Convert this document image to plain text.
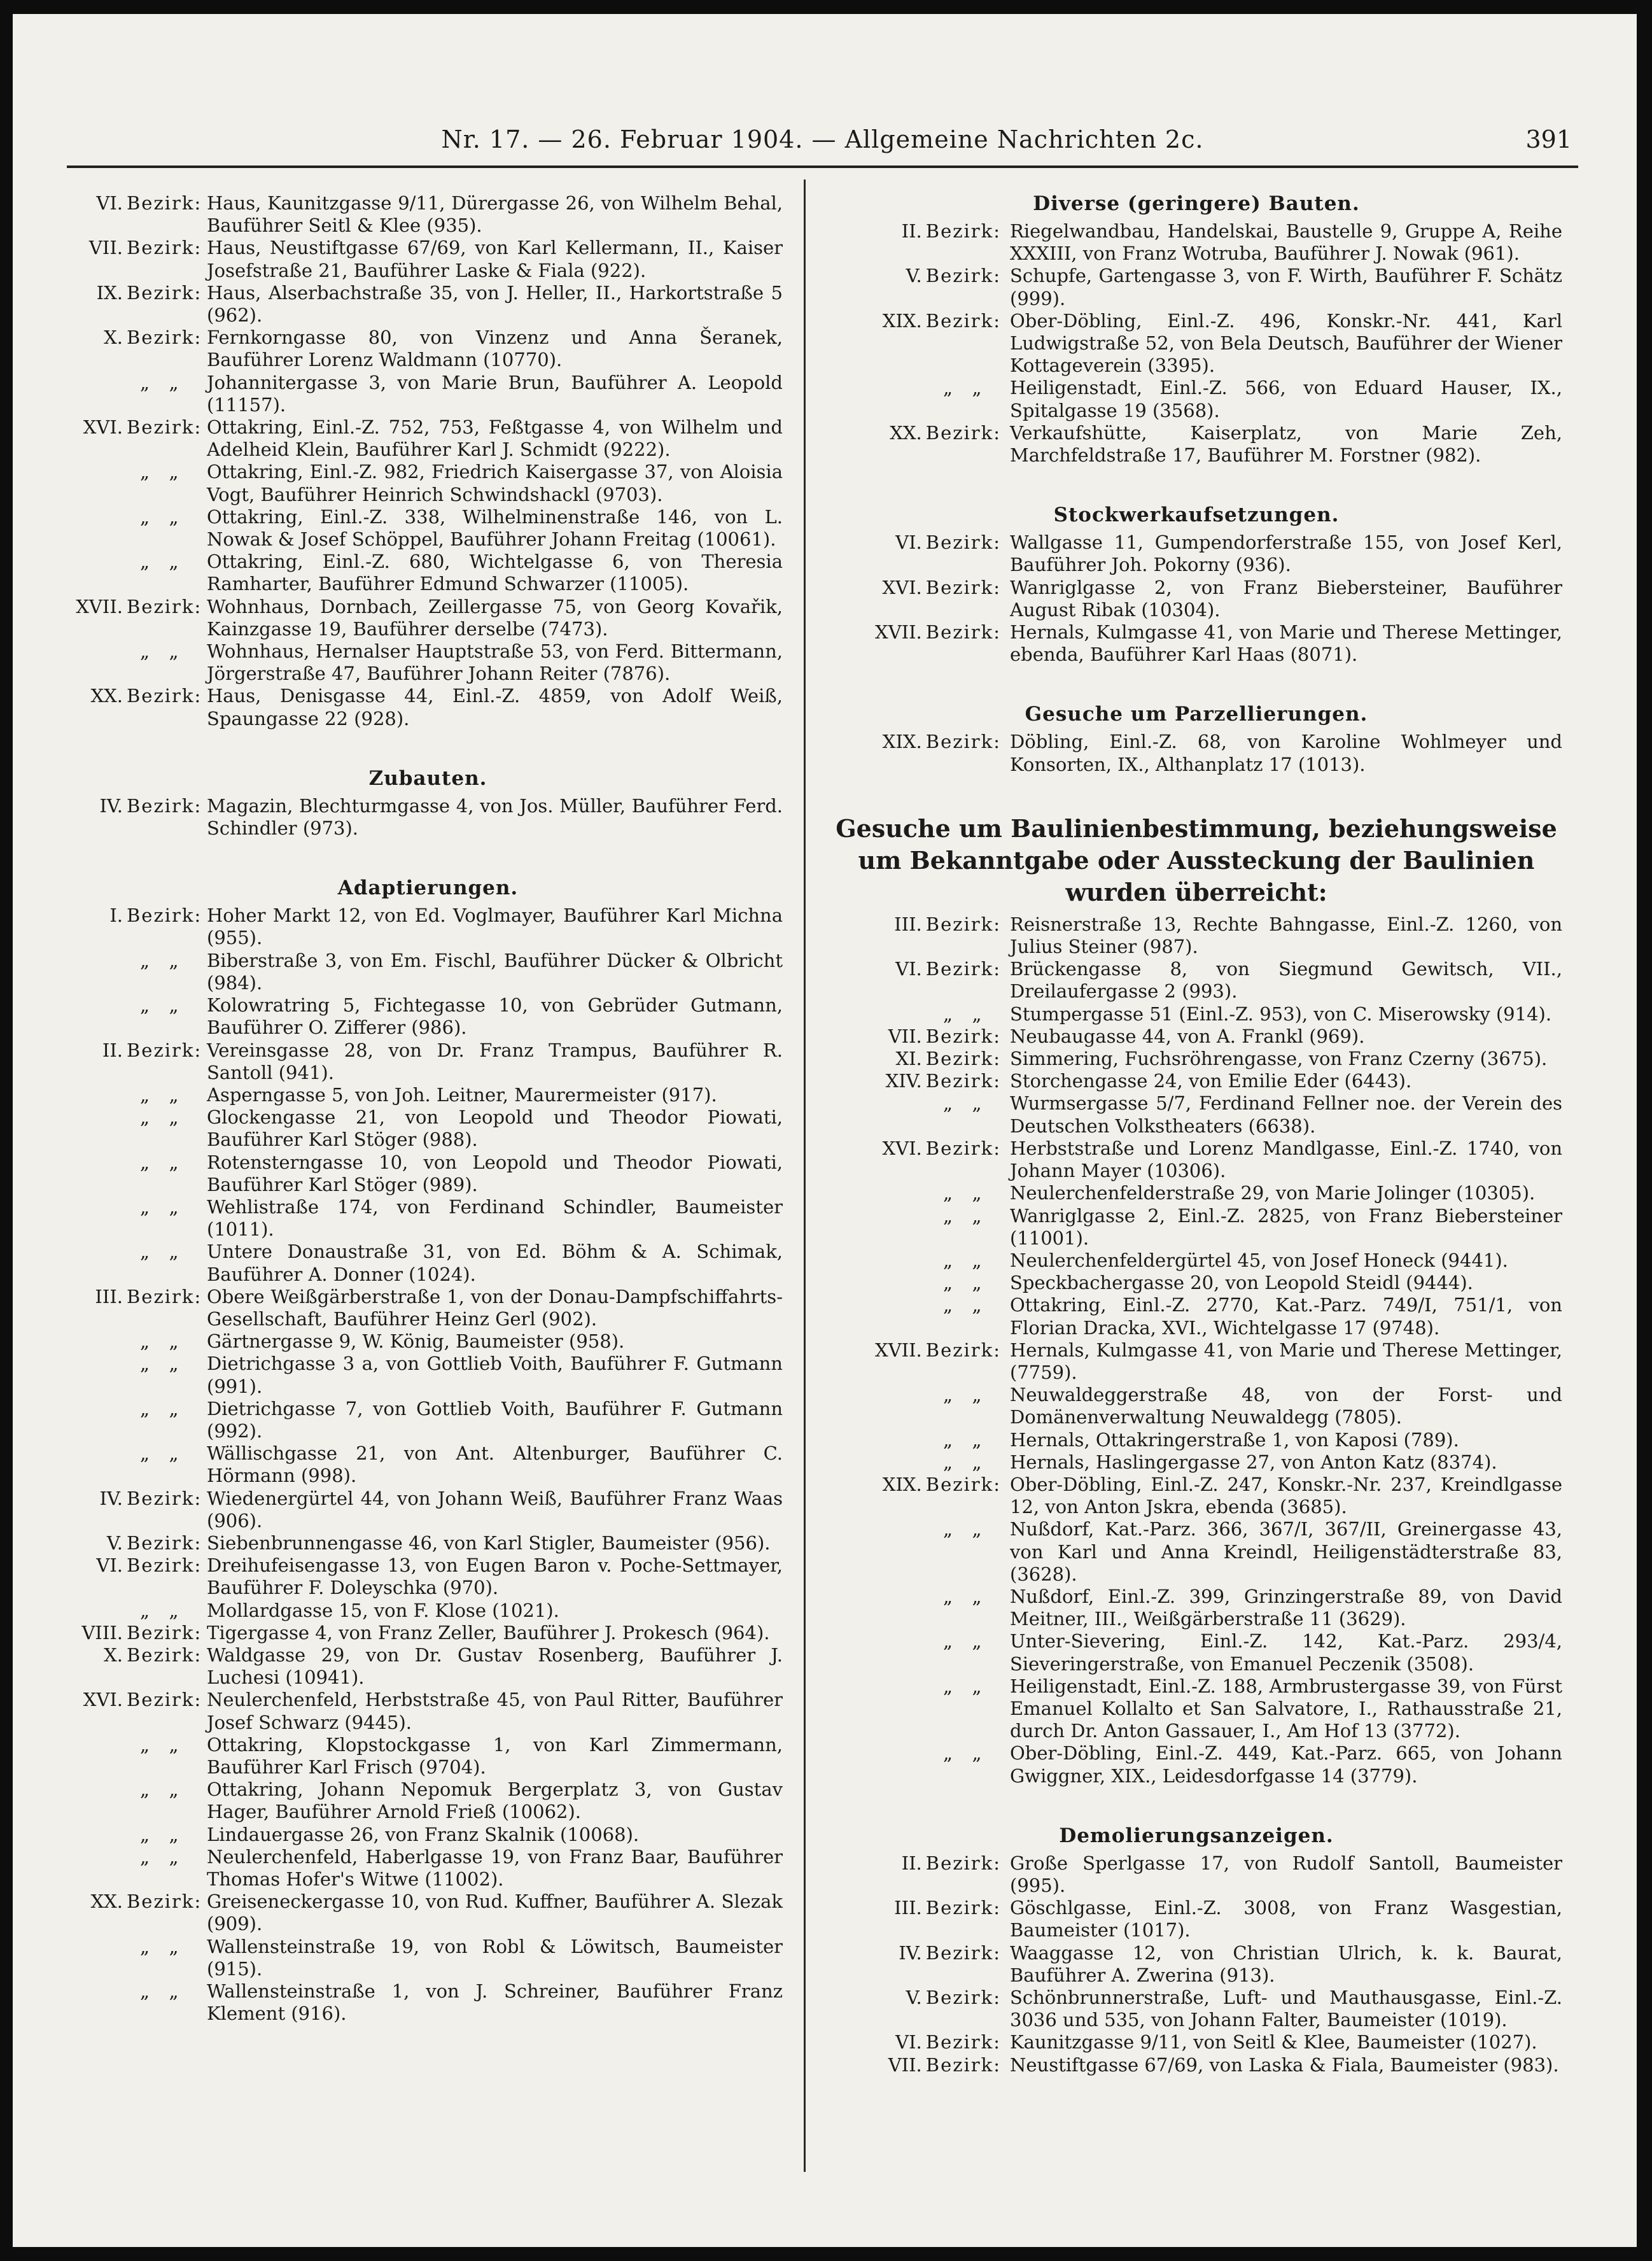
Nr. 17. — 26. Februar 1904. — Allgemeine Nachrichten 2c.	391
VI. Bezirk: Haus, Kaunitzgasse 9/11, Dürergasse 26, von Wilhelm Behal, Bauführer Seitl & Klee (935).
VII. Bezirk: Haus, Neustiftgasse 67/69, von Karl Kellermann, II., Kaiser Josefstraße 21, Bauführer Laske & Fiala (922).
IX. Bezirk: Haus, Alserbachstraße 35, von J. Heller, II., Harkortstraße 5 (962).
X. Bezirk: Fernkorngasse 80, von Vinzenz und Anna Šeranek, Bauführer Lorenz Waldmann (10770).
„ „	Johannitergasse 3, von Marie Brun, Bauführer A. Leopold (11157).
XVI. Bezirk: Ottakring, Einl.-Z. 752, 753, Feßtgasse 4, von Wilhelm und Adelheid Klein, Bauführer Karl J. Schmidt (9222).
„ „	Ottakring, Einl.-Z. 982, Friedrich Kaisergasse 37, von Aloisia Vogt, Bauführer Heinrich Schwindshackl (9703).
„ „	Ottakring, Einl.-Z. 338, Wilhelminenstraße 146, von L. Nowak & Josef Schöppel, Bauführer Johann Freitag (10061).
„ „	Ottakring, Einl.-Z. 680, Wichtelgasse 6, von Theresia Ramharter, Bauführer Edmund Schwarzer (11005).
XVII. Bezirk: Wohnhaus, Dornbach, Zeillergasse 75, von Georg Kovařik, Kainzgasse 19, Bauführer derselbe (7473).
„ „	Wohnhaus, Hernalser Hauptstraße 53, von Ferd. Bittermann, Jörgerstraße 47, Bauführer Johann Reiter (7876).
XX. Bezirk: Haus, Denisgasse 44, Einl.-Z. 4859, von Adolf Weiß, Spaungasse 22 (928).
Zubauten.
IV. Bezirk: Magazin, Blechturmgasse 4, von Jos. Müller, Bauführer Ferd. Schindler (973).
Adaptierungen.
I. Bezirk: Hoher Markt 12, von Ed. Voglmayer, Bauführer Karl Michna (955).
„ „	Biberstraße 3, von Em. Fischl, Bauführer Dücker & Olbricht (984).
„ „	Kolowratring 5, Fichtegasse 10, von Gebrüder Gutmann, Bauführer O. Zifferer (986).
II. Bezirk: Vereinsgasse 28, von Dr. Franz Trampus, Bauführer R. Santoll (941).
„ „	Asperngasse 5, von Joh. Leitner, Maurermeister (917).
„ „	Glockengasse 21, von Leopold und Theodor Piowati, Bauführer Karl Stöger (988).
„ „	Rotensterngasse 10, von Leopold und Theodor Piowati, Bauführer Karl Stöger (989).
„ „	Wehlistraße 174, von Ferdinand Schindler, Baumeister (1011).
„ „	Untere Donaustraße 31, von Ed. Böhm & A. Schimak, Bauführer A. Donner (1024).
III. Bezirk: Obere Weißgärberstraße 1, von der Donau-Dampfschiffahrts-Gesellschaft, Bauführer Heinz Gerl (902).
„ „	Gärtnergasse 9, W. König, Baumeister (958).
„ „	Dietrichgasse 3 a, von Gottlieb Voith, Bauführer F. Gutmann (991).
„ „	Dietrichgasse 7, von Gottlieb Voith, Bauführer F. Gutmann (992).
„ „	Wällischgasse 21, von Ant. Altenburger, Bauführer C. Hörmann (998).
IV. Bezirk: Wiedenergürtel 44, von Johann Weiß, Bauführer Franz Waas (906).
V. Bezirk: Siebenbrunnengasse 46, von Karl Stigler, Baumeister (956).
VI. Bezirk: Dreihufeisengasse 13, von Eugen Baron v. Poche-Settmayer, Bauführer F. Doleyschka (970).
„ „	Mollardgasse 15, von F. Klose (1021).
VIII. Bezirk: Tigergasse 4, von Franz Zeller, Bauführer J. Prokesch (964).
X. Bezirk: Waldgasse 29, von Dr. Gustav Rosenberg, Bauführer J. Luchesi (10941).
XVI. Bezirk: Neulerchenfeld, Herbststraße 45, von Paul Ritter, Bauführer Josef Schwarz (9445).
„ „	Ottakring, Klopstockgasse 1, von Karl Zimmermann, Bauführer Karl Frisch (9704).
„ „	Ottakring, Johann Nepomuk Bergerplatz 3, von Gustav Hager, Bauführer Arnold Frieß (10062).
„ „	Lindauergasse 26, von Franz Skalnik (10068).
„ „	Neulerchenfeld, Haberlgasse 19, von Franz Baar, Bauführer Thomas Hofer's Witwe (11002).
XX. Bezirk: Greiseneckergasse 10, von Rud. Kuffner, Bauführer A. Slezak (909).
„ „	Wallensteinstraße 19, von Robl & Löwitsch, Baumeister (915).
„ „	Wallensteinstraße 1, von J. Schreiner, Bauführer Franz Klement (916).
Diverse (geringere) Bauten.
II. Bezirk: Riegelwandbau, Handelskai, Baustelle 9, Gruppe A, Reihe XXXIII, von Franz Wotruba, Bauführer J. Nowak (961).
V. Bezirk: Schupfe, Gartengasse 3, von F. Wirth, Bauführer F. Schätz (999).
XIX. Bezirk: Ober-Döbling, Einl.-Z. 496, Konskr.-Nr. 441, Karl Ludwigstraße 52, von Bela Deutsch, Bauführer der Wiener Kottageverein (3395).
„ „	Heiligenstadt, Einl.-Z. 566, von Eduard Hauser, IX., Spitalgasse 19 (3568).
XX. Bezirk: Verkaufshütte, Kaiserplatz, von Marie Zeh, Marchfeldstraße 17, Bauführer M. Forstner (982).
Stockwerkaufsetzungen.
VI. Bezirk: Wallgasse 11, Gumpendorferstraße 155, von Josef Kerl, Bauführer Joh. Pokorny (936).
XVI. Bezirk: Wanriglgasse 2, von Franz Biebersteiner, Bauführer August Ribak (10304).
XVII. Bezirk: Hernals, Kulmgasse 41, von Marie und Therese Mettinger, ebenda, Bauführer Karl Haas (8071).
Gesuche um Parzellierungen.
XIX. Bezirk: Döbling, Einl.-Z. 68, von Karoline Wohlmeyer und Konsorten, IX., Althanplatz 17 (1013).
Gesuche um Baulinienbestimmung, beziehungsweise um Bekanntgabe oder Aussteckung der Baulinien wurden überreicht:
III. Bezirk: Reisnerstraße 13, Rechte Bahngasse, Einl.-Z. 1260, von Julius Steiner (987).
VI. Bezirk: Brückengasse 8, von Siegmund Gewitsch, VII., Dreilaufergasse 2 (993).
„ „	Stumpergasse 51 (Einl.-Z. 953), von C. Miserowsky (914).
VII. Bezirk: Neubaugasse 44, von A. Frankl (969).
XI. Bezirk: Simmering, Fuchsröhrengasse, von Franz Czerny (3675).
XIV. Bezirk: Storchengasse 24, von Emilie Eder (6443).
„ „	Wurmsergasse 5/7, Ferdinand Fellner noe. der Verein des Deutschen Volkstheaters (6638).
XVI. Bezirk: Herbststraße und Lorenz Mandlgasse, Einl.-Z. 1740, von Johann Mayer (10306).
„ „	Neulerchenfelderstraße 29, von Marie Jolinger (10305).
„ „	Wanriglgasse 2, Einl.-Z. 2825, von Franz Biebersteiner (11001).
„ „	Neulerchenfeldergürtel 45, von Josef Honeck (9441).
„ „	Speckbachergasse 20, von Leopold Steidl (9444).
„ „	Ottakring, Einl.-Z. 2770, Kat.-Parz. 749/I, 751/1, von Florian Dracka, XVI., Wichtelgasse 17 (9748).
XVII. Bezirk: Hernals, Kulmgasse 41, von Marie und Therese Mettinger, (7759).
„ „	Neuwaldeggerstraße 48, von der Forst- und Domänenverwaltung Neuwaldegg (7805).
„ „	Hernals, Ottakringerstraße 1, von Kaposi (789).
„ „	Hernals, Haslingergasse 27, von Anton Katz (8374).
XIX. Bezirk: Ober-Döbling, Einl.-Z. 247, Konskr.-Nr. 237, Kreindlgasse 12, von Anton Jskra, ebenda (3685).
„ „	Nußdorf, Kat.-Parz. 366, 367/I, 367/II, Greinergasse 43, von Karl und Anna Kreindl, Heiligenstädterstraße 83, (3628).
„ „	Nußdorf, Einl.-Z. 399, Grinzingerstraße 89, von David Meitner, III., Weißgärberstraße 11 (3629).
„ „	Unter-Sievering, Einl.-Z. 142, Kat.-Parz. 293/4, Sieveringerstraße, von Emanuel Peczenik (3508).
„ „	Heiligenstadt, Einl.-Z. 188, Armbrustergasse 39, von Fürst Emanuel Kollalto et San Salvatore, I., Rathausstraße 21, durch Dr. Anton Gassauer, I., Am Hof 13 (3772).
„ „	Ober-Döbling, Einl.-Z. 449, Kat.-Parz. 665, von Johann Gwiggner, XIX., Leidesdorfgasse 14 (3779).
Demolierungsanzeigen.
II. Bezirk: Große Sperlgasse 17, von Rudolf Santoll, Baumeister (995).
III. Bezirk: Göschlgasse, Einl.-Z. 3008, von Franz Wasgestian, Baumeister (1017).
IV. Bezirk: Waaggasse 12, von Christian Ulrich, k. k. Baurat, Bauführer A. Zwerina (913).
V. Bezirk: Schönbrunnerstraße, Luft- und Mauthausgasse, Einl.-Z. 3036 und 535, von Johann Falter, Baumeister (1019).
VI. Bezirk: Kaunitzgasse 9/11, von Seitl & Klee, Baumeister (1027).
VII. Bezirk: Neustiftgasse 67/69, von Laska & Fiala, Baumeister (983).
